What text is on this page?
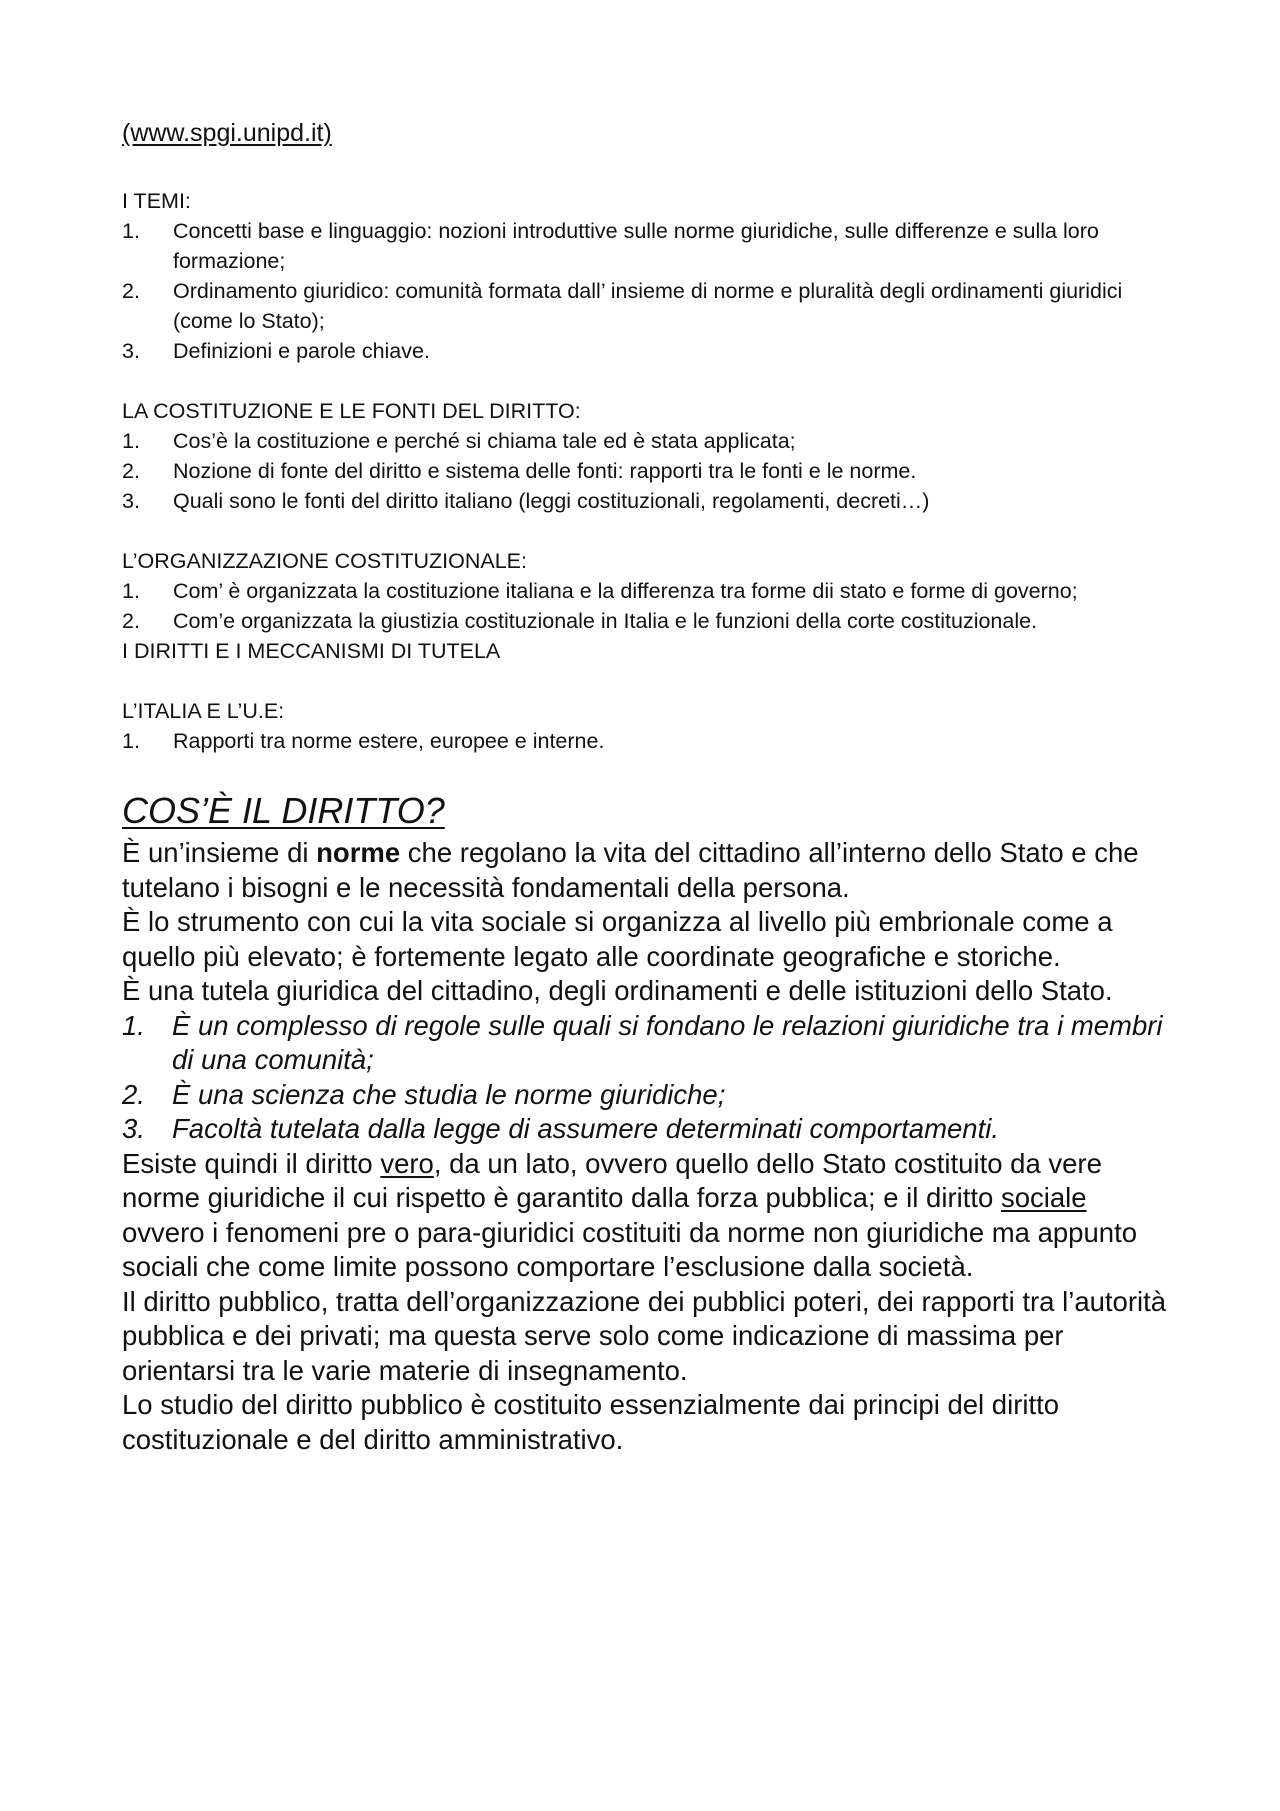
(www.spgi.unipd.it)

I TEMI:

1. Concetti base e linguaggio: nozioni introduttive sulle norme giuridiche, sulle differenze e sulla loro formazione;
2. Ordinamento giuridico: comunità formata dall’ insieme di norme e pluralità degli ordinamenti giuridici (come lo Stato);
3. Definizioni e parole chiave.

LA COSTITUZIONE E LE FONTI DEL DIRITTO:

1. Cos’è la costituzione e perché si chiama tale ed è stata applicata;
2. Nozione di fonte del diritto e sistema delle fonti: rapporti tra le fonti e le norme.
3. Quali sono le fonti del diritto italiano (leggi costituzionali, regolamenti, decreti…)

L’ORGANIZZAZIONE COSTITUZIONALE:

1. Com’ è organizzata la costituzione italiana e la differenza tra forme dii stato e forme di governo;
2. Com’e organizzata la giustizia costituzionale in Italia e le funzioni della corte costituzionale.

I DIRITTI E I MECCANISMI DI TUTELA

L’ITALIA E L’U.E:

1. Rapporti tra norme estere, europee e interne.
COS’È IL DIRITTO?

È un’insieme di norme che regolano la vita del cittadino all’interno dello Stato e che tutelano i bisogni e le necessità fondamentali della persona.

È lo strumento con cui la vita sociale si organizza al livello più embrionale come a quello più elevato; è fortemente legato alle coordinate geografiche e storiche.

È una tutela giuridica del cittadino, degli ordinamenti e delle istituzioni dello Stato.

1. È un complesso di regole sulle quali si fondano le relazioni giuridiche tra i membri di una comunità;
2. È una scienza che studia le norme giuridiche;
3. Facoltà tutelata dalla legge di assumere determinati comportamenti.

Esiste quindi il diritto vero, da un lato, ovvero quello dello Stato costituito da vere norme giuridiche il cui rispetto è garantito dalla forza pubblica; e il diritto sociale ovvero i fenomeni pre o para-giuridici costituiti da norme non giuridiche ma appunto sociali che come limite possono comportare l’esclusione dalla società.

Il diritto pubblico, tratta dell’organizzazione dei pubblici poteri, dei rapporti tra l’autorità pubblica e dei privati; ma questa serve solo come indicazione di massima per orientarsi tra le varie materie di insegnamento.

Lo studio del diritto pubblico è costituito essenzialmente dai principi del diritto costituzionale e del diritto amministrativo.
